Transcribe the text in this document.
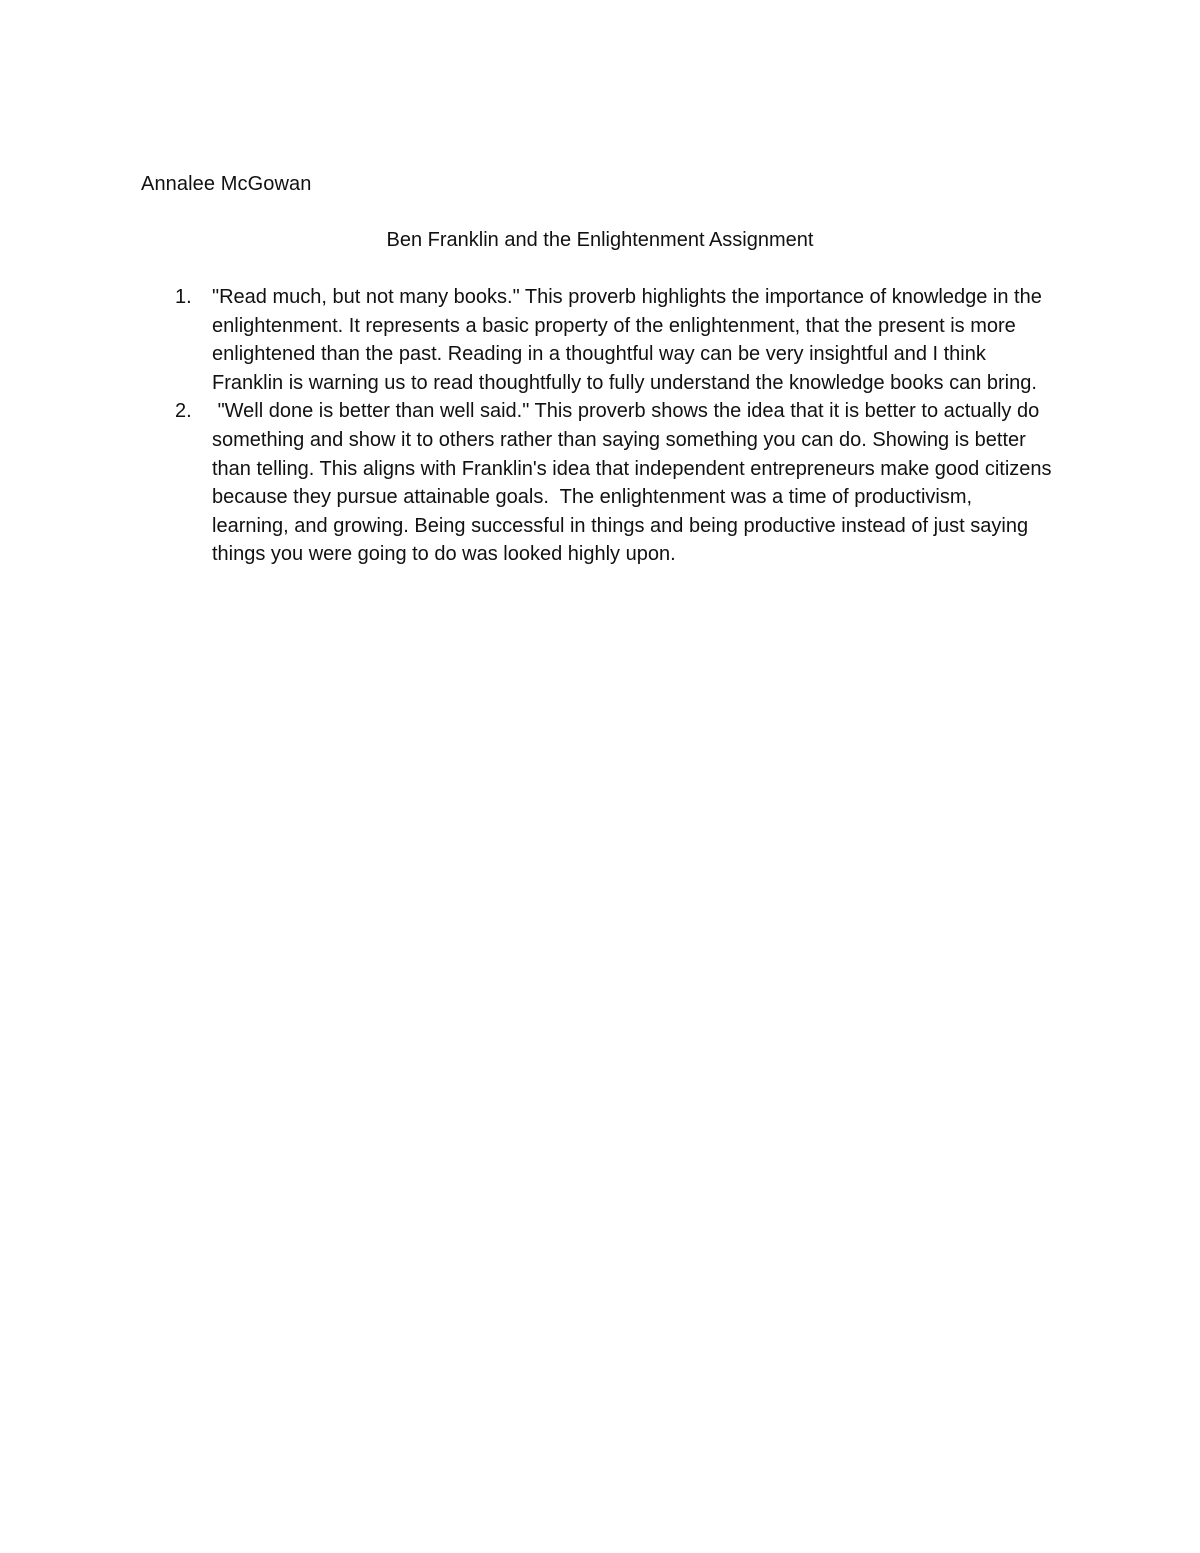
Annalee McGowan
Ben Franklin and the Enlightenment Assignment
1. "Read much, but not many books." This proverb highlights the importance of knowledge in the enlightenment. It represents a basic property of the enlightenment, that the present is more enlightened than the past. Reading in a thoughtful way can be very insightful and I think Franklin is warning us to read thoughtfully to fully understand the knowledge books can bring.
2. "Well done is better than well said." This proverb shows the idea that it is better to actually do something and show it to others rather than saying something you can do. Showing is better than telling. This aligns with Franklin's idea that independent entrepreneurs make good citizens because they pursue attainable goals.  The enlightenment was a time of productivism, learning, and growing. Being successful in things and being productive instead of just saying things you were going to do was looked highly upon.
